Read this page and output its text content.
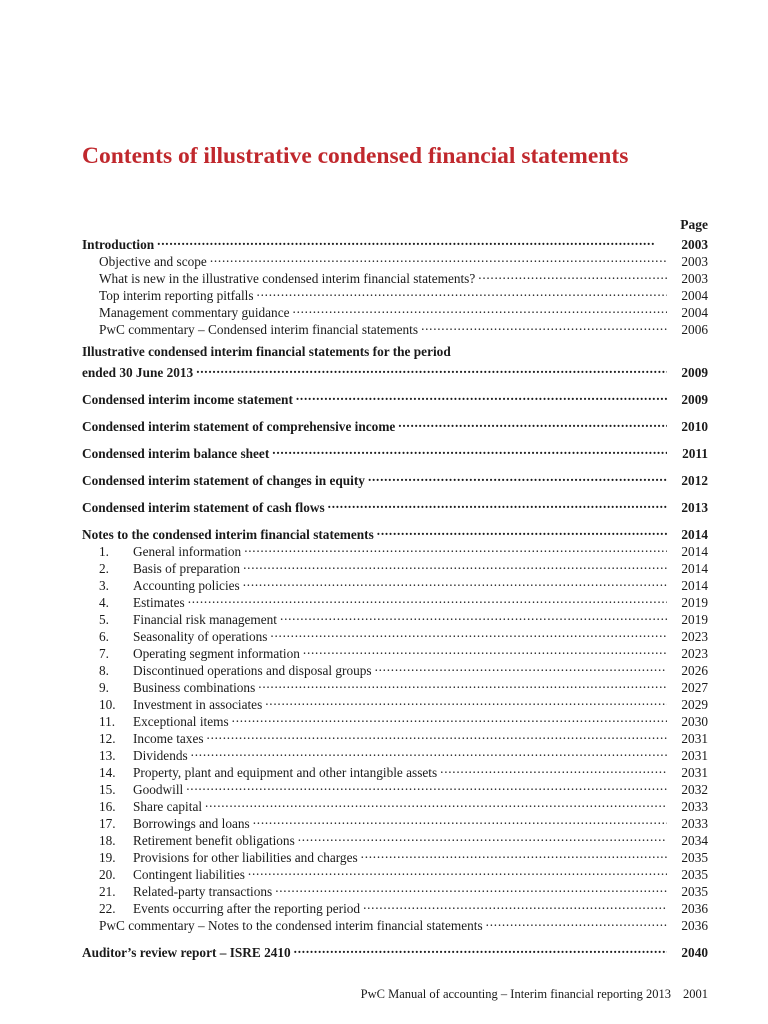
Contents of illustrative condensed financial statements
Page
Introduction . . .	2003
Objective and scope . . .	2003
What is new in the illustrative condensed interim financial statements? . . .	2003
Top interim reporting pitfalls . . .	2004
Management commentary guidance . . .	2004
PwC commentary – Condensed interim financial statements . . .	2006
Illustrative condensed interim financial statements for the period
ended 30 June 2013 . . .	2009
Condensed interim income statement . . .	2009
Condensed interim statement of comprehensive income . . .	2010
Condensed interim balance sheet . . .	2011
Condensed interim statement of changes in equity . . .	2012
Condensed interim statement of cash flows . . .	2013
Notes to the condensed interim financial statements . . .	2014
1.	General information . . .	2014
2.	Basis of preparation . . .	2014
3.	Accounting policies . . .	2014
4.	Estimates . . .	2019
5.	Financial risk management . . .	2019
6.	Seasonality of operations . . .	2023
7.	Operating segment information . . .	2023
8.	Discontinued operations and disposal groups . . .	2026
9.	Business combinations . . .	2027
10.	Investment in associates . . .	2029
11.	Exceptional items . . .	2030
12.	Income taxes . . .	2031
13.	Dividends . . .	2031
14.	Property, plant and equipment and other intangible assets . . .	2031
15.	Goodwill . . .	2032
16.	Share capital . . .	2033
17.	Borrowings and loans . . .	2033
18.	Retirement benefit obligations . . .	2034
19.	Provisions for other liabilities and charges . . .	2035
20.	Contingent liabilities . . .	2035
21.	Related-party transactions . . .	2035
22.	Events occurring after the reporting period . . .	2036
PwC commentary – Notes to the condensed interim financial statements . . .	2036
Auditor’s review report – ISRE 2410 . . .	2040
PwC Manual of accounting – Interim financial reporting 2013 2001
